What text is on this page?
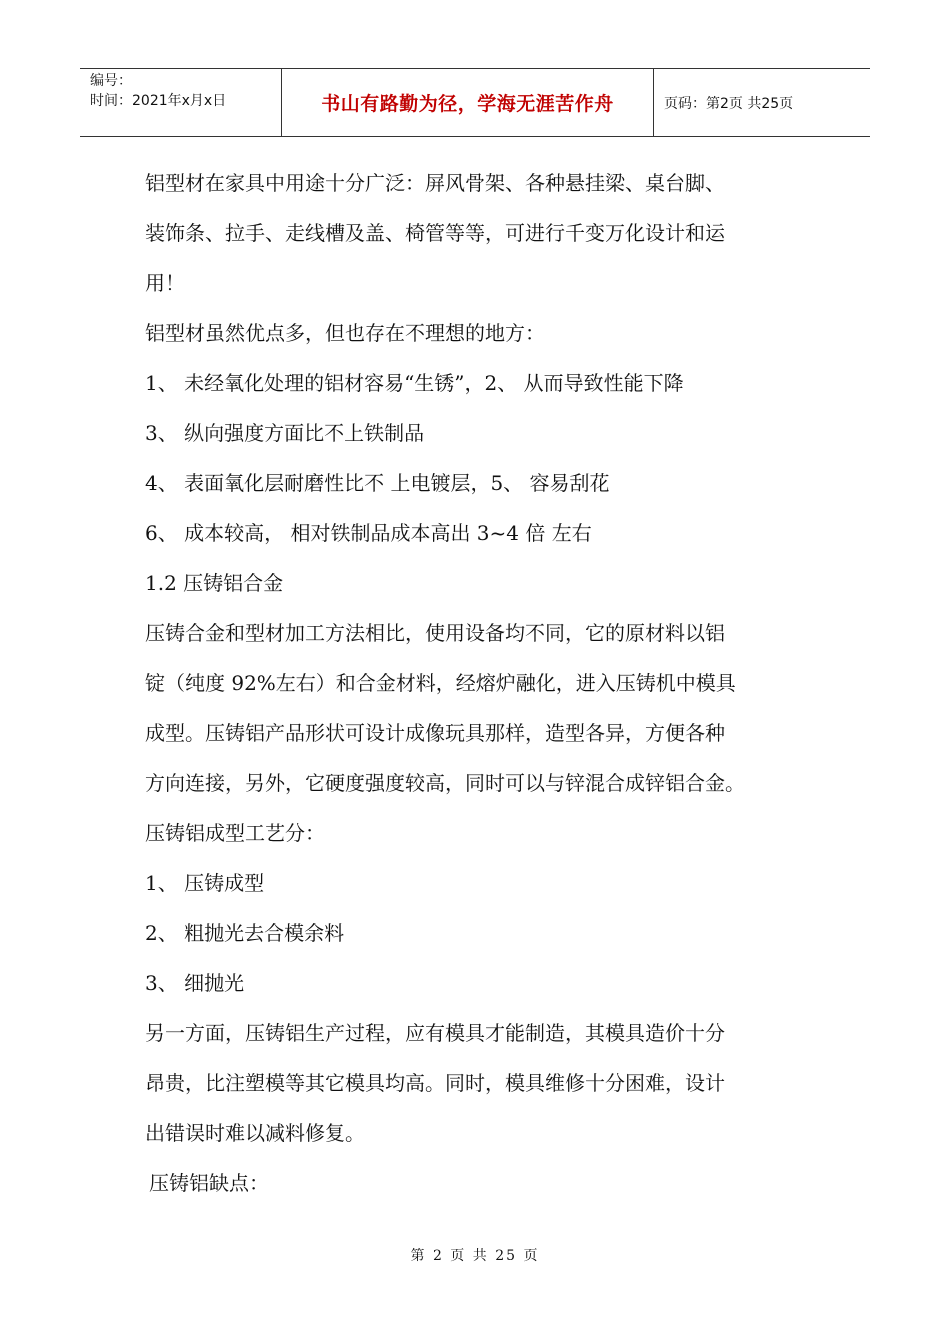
编号：
时间：2021年x月x日	书山有路勤为径，学海无涯苦作舟	页码：第2页 共25页

铝型材在家具中用途十分广泛：屏风骨架、各种悬挂梁、桌台脚、

装饰条、拉手、走线槽及盖、椅管等等，可进行千变万化设计和运

用！

铝型材虽然优点多，但也存在不理想的地方：

1、 未经氧化处理的铝材容易“生锈”，2、 从而导致性能下降

3、 纵向强度方面比不上铁制品

4、 表面氧化层耐磨性比不 上电镀层，5、 容易刮花

6、 成本较高， 相对铁制品成本高出 3~4 倍 左右

1.2 压铸铝合金

压铸合金和型材加工方法相比，使用设备均不同，它的原材料以铝

锭（纯度 92%左右）和合金材料，经熔炉融化，进入压铸机中模具

成型。压铸铝产品形状可设计成像玩具那样，造型各异，方便各种

方向连接，另外，它硬度强度较高，同时可以与锌混合成锌铝合金。

压铸铝成型工艺分：

1、 压铸成型

2、 粗抛光去合模余料

3、 细抛光

另一方面，压铸铝生产过程，应有模具才能制造，其模具造价十分

昂贵，比注塑模等其它模具均高。同时，模具维修十分困难，设计

出错误时难以减料修复。

压铸铝缺点：

第 2 页 共 25 页
